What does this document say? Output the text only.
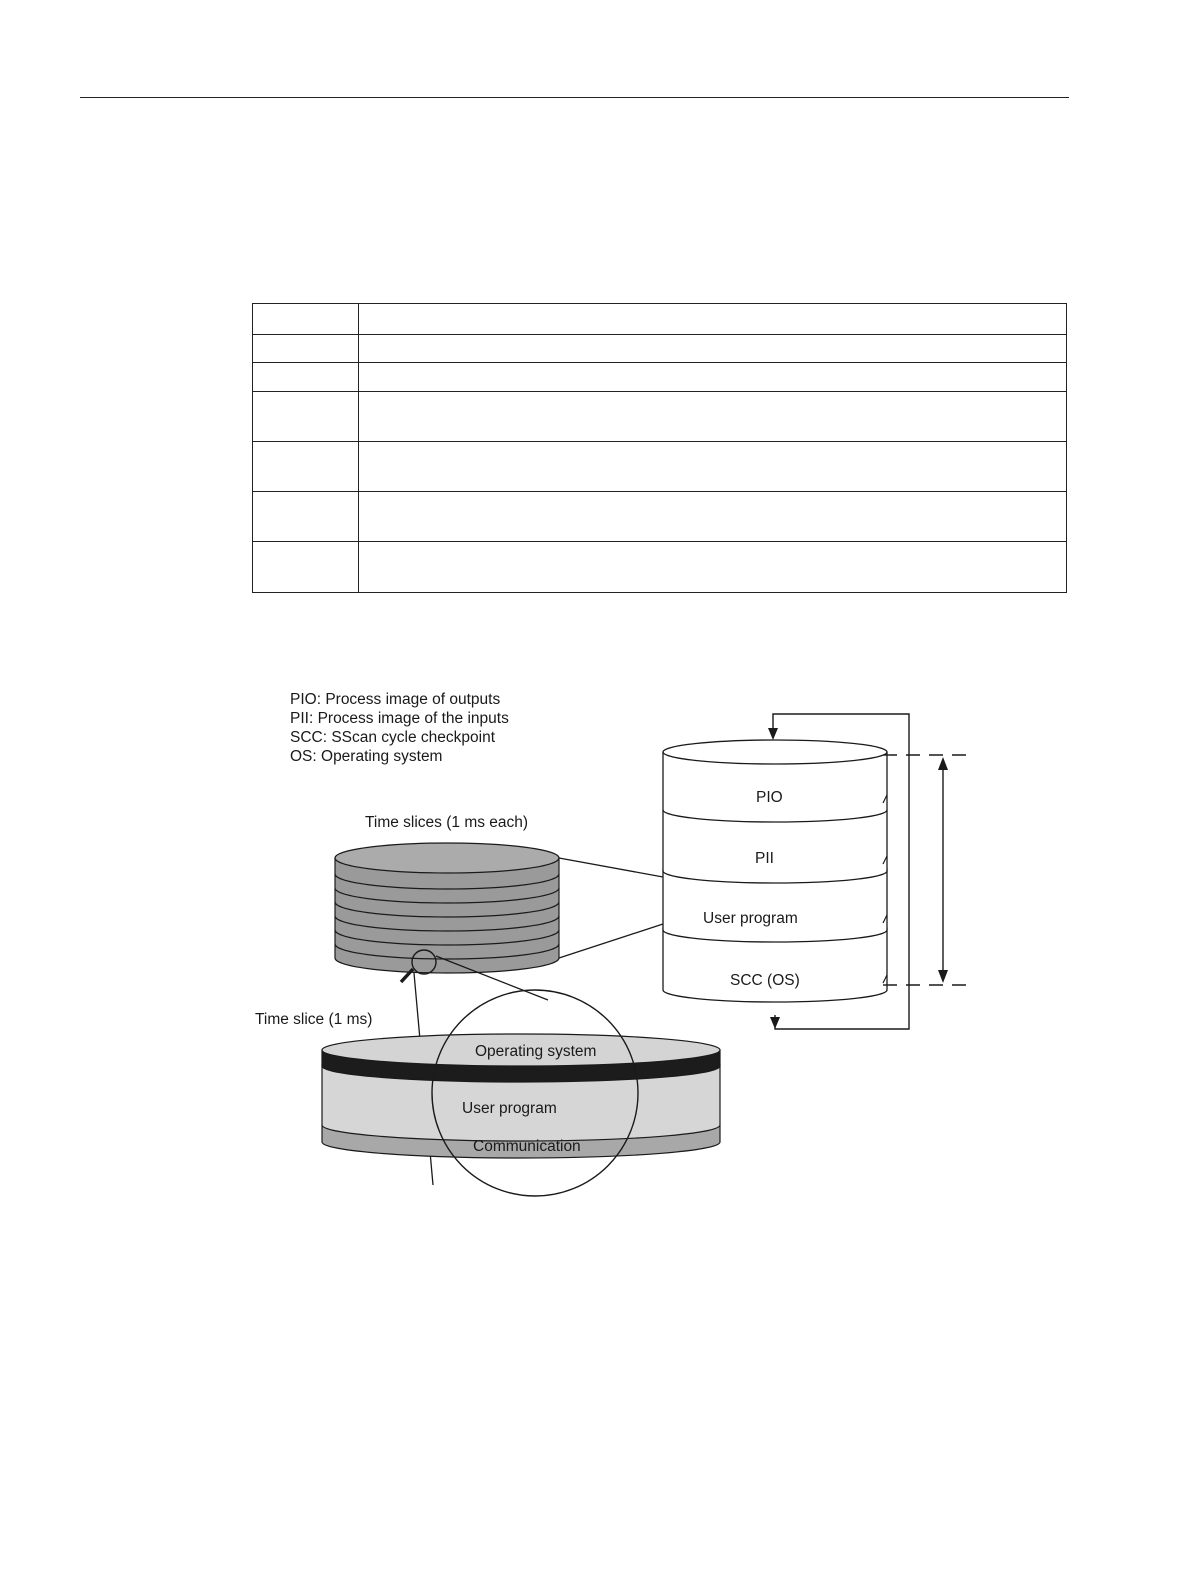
PIO: Process image of outputs
PII: Process image of the inputs
SCC: SScan cycle checkpoint
OS: Operating system
Time slices (1 ms each)
Time slice (1 ms)
Operating system
User program
Communication
PIO
PII
User program
SCC (OS)
